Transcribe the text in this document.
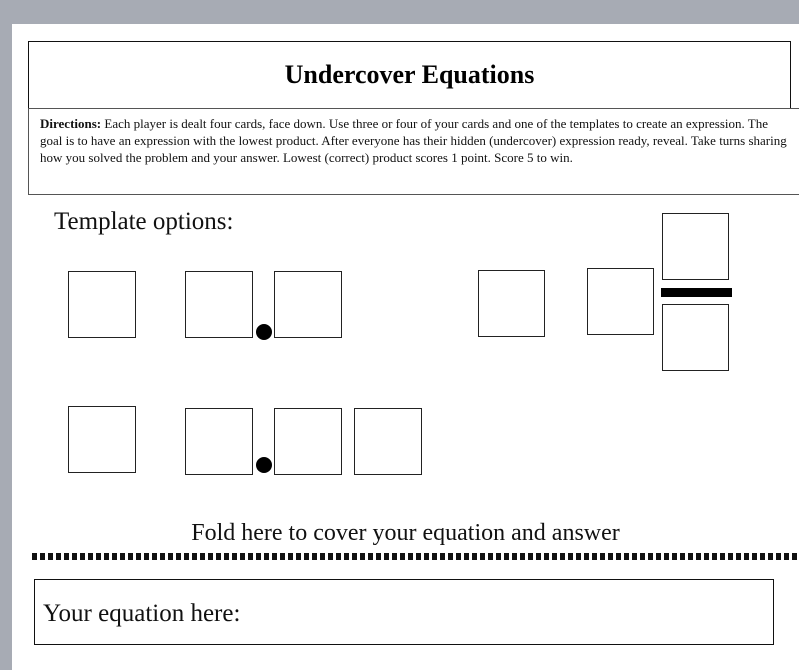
Undercover Equations
Directions: Each player is dealt four cards, face down. Use three or four of your cards and one of the templates to create an expression. The goal is to have an expression with the lowest product. After everyone has their hidden (undercover) expression ready, reveal. Take turns sharing how you solved the problem and your answer. Lowest (correct) product scores 1 point. Score 5 to win.
Template options:
Fold here to cover your equation and answer
Your equation here:
